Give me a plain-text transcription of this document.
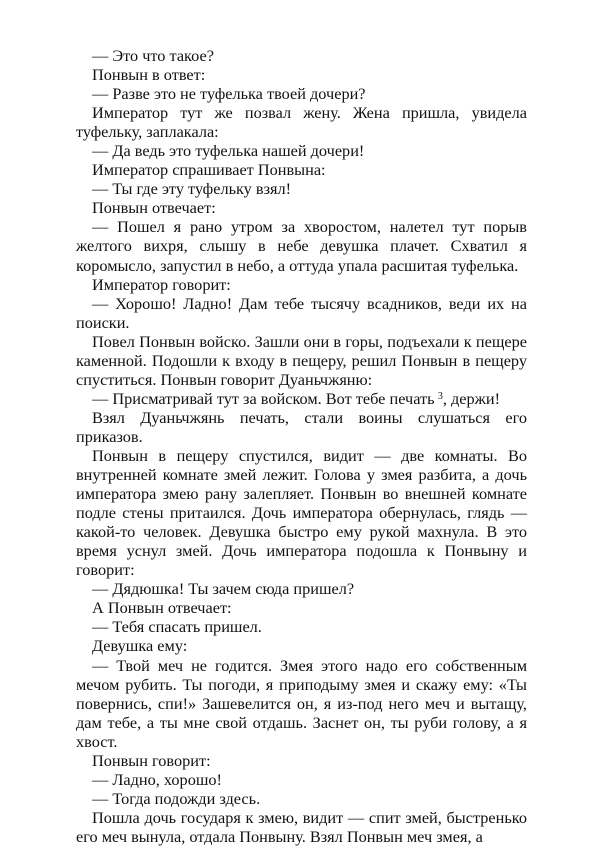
— Это что такое?

Понвын в ответ:

— Разве это не туфелька твоей дочери?

Император тут же позвал жену. Жена пришла, увидела туфельку, заплакала:

— Да ведь это туфелька нашей дочери!

Император спрашивает Понвына:

— Ты где эту туфельку взял!

Понвын отвечает:

— Пошел я рано утром за хворостом, налетел тут порыв желтого вихря, слышу в небе девушка плачет. Схватил я коромысло, запустил в небо, а оттуда упала расшитая туфелька.

Император говорит:

— Хорошо! Ладно! Дам тебе тысячу всадников, веди их на поиски.

Повел Понвын войско. Зашли они в горы, подъехали к пещере каменной. Подошли к входу в пещеру, решил Понвын в пещеру спуститься. Понвын говорит Дуаньчжяню:

— Присматривай тут за войском. Вот тебе печать  $^3$, держи!

Взял Дуаньчжянь печать, стали воины слушаться его приказов.

Понвын в пещеру спустился, видит — две комнаты. Во внутренней комнате змей лежит. Голова у змея разбита, а дочь императора змею рану залепляет. Понвын во внешней комнате подле стены притаился. Дочь императора обернулась, глядь — какой-то человек. Девушка быстро ему рукой махнула. В это время уснул змей. Дочь императора подошла к Понвыну и говорит:

— Дядюшка! Ты зачем сюда пришел?

А Понвын отвечает:

— Тебя спасать пришел.

Девушка ему:

— Твой меч не годится. Змея этого надо его собственным мечом рубить. Ты погоди, я приподыму змея и скажу ему: «Ты повернись, спи!» Зашевелится он, я из-под него меч и вытащу, дам тебе, а ты мне свой отдашь. Заснет он, ты руби голову, а я хвост.

Понвын говорит:

— Ладно, хорошо!

— Тогда подожди здесь.

Пошла дочь государя к змею, видит — спит змей, быстренько его меч вынула, отдала Понвыну. Взял Понвын меч змея, а
